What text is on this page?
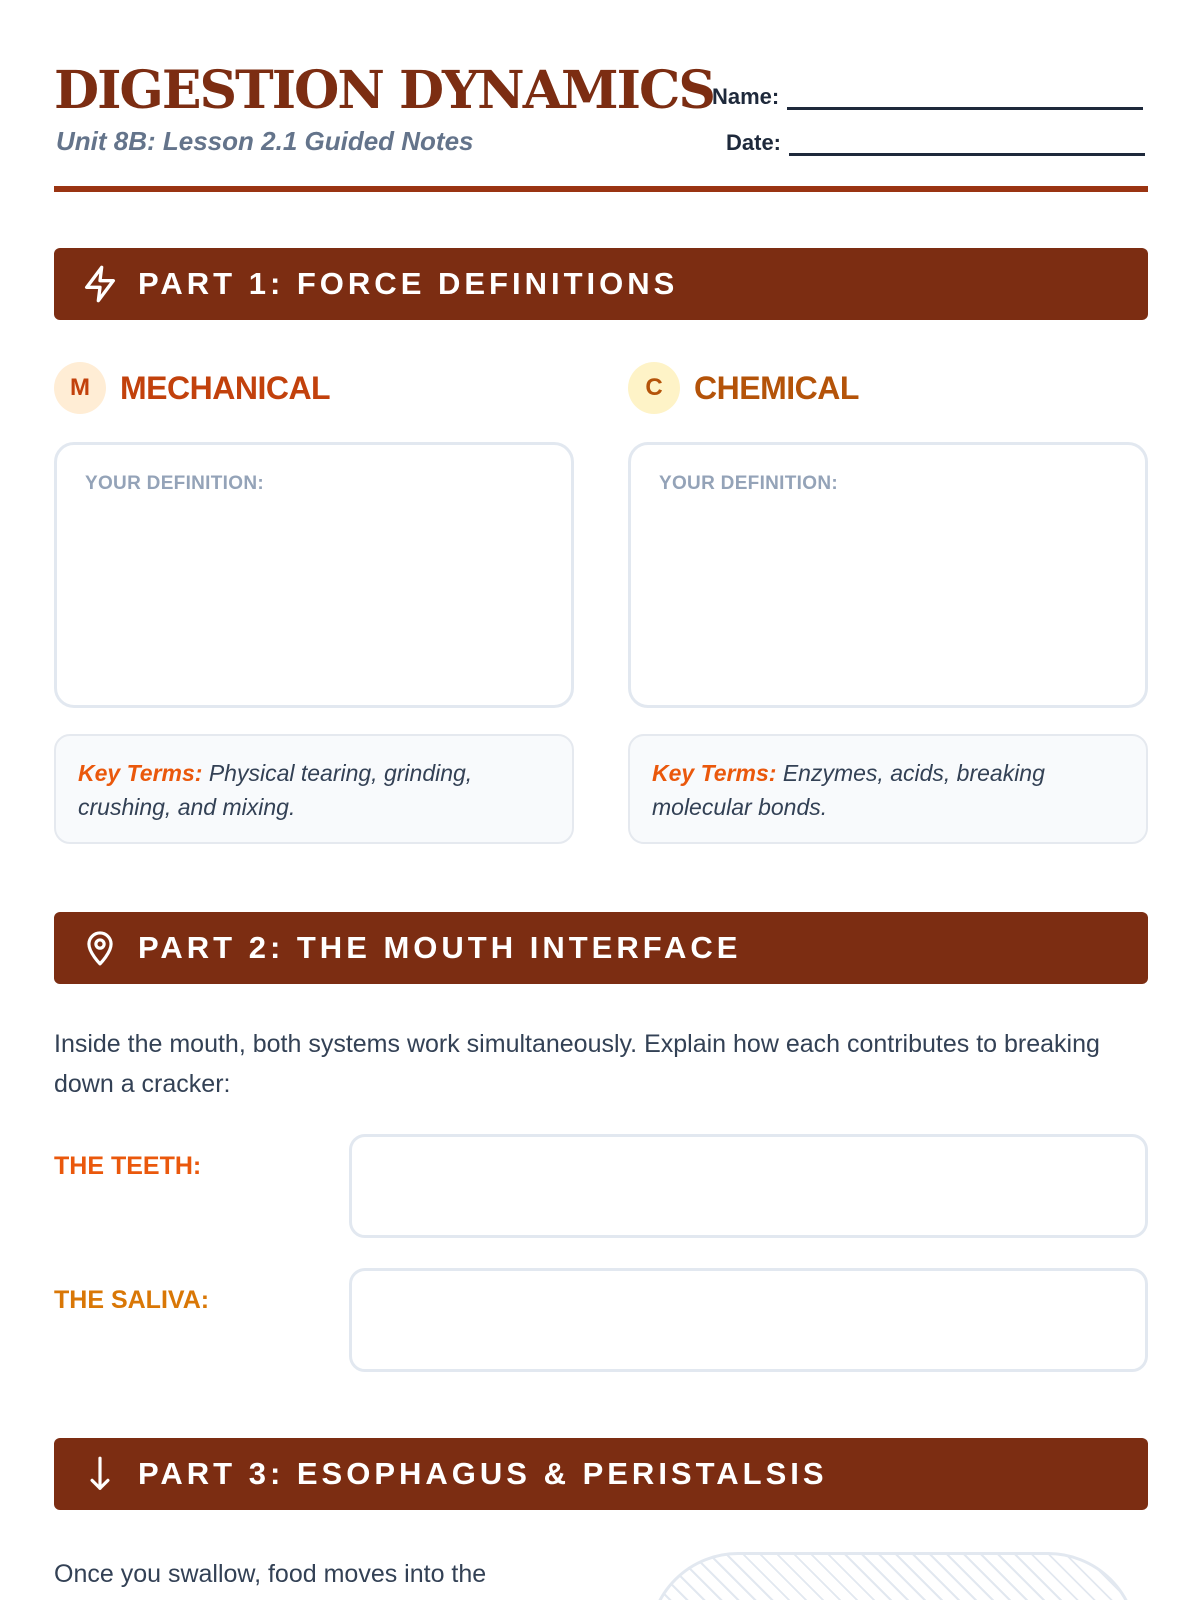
DIGESTION DYNAMICS
Unit 8B: Lesson 2.1 Guided Notes
Name:
Date:
PART 1: FORCE DEFINITIONS
M MECHANICAL
YOUR DEFINITION:
Key Terms: Physical tearing, grinding, crushing, and mixing.
C CHEMICAL
YOUR DEFINITION:
Key Terms: Enzymes, acids, breaking molecular bonds.
PART 2: THE MOUTH INTERFACE
Inside the mouth, both systems work simultaneously. Explain how each contributes to breaking down a cracker:
THE TEETH:
THE SALIVA:
PART 3: ESOPHAGUS & PERISTALSIS
Once you swallow, food moves into the
